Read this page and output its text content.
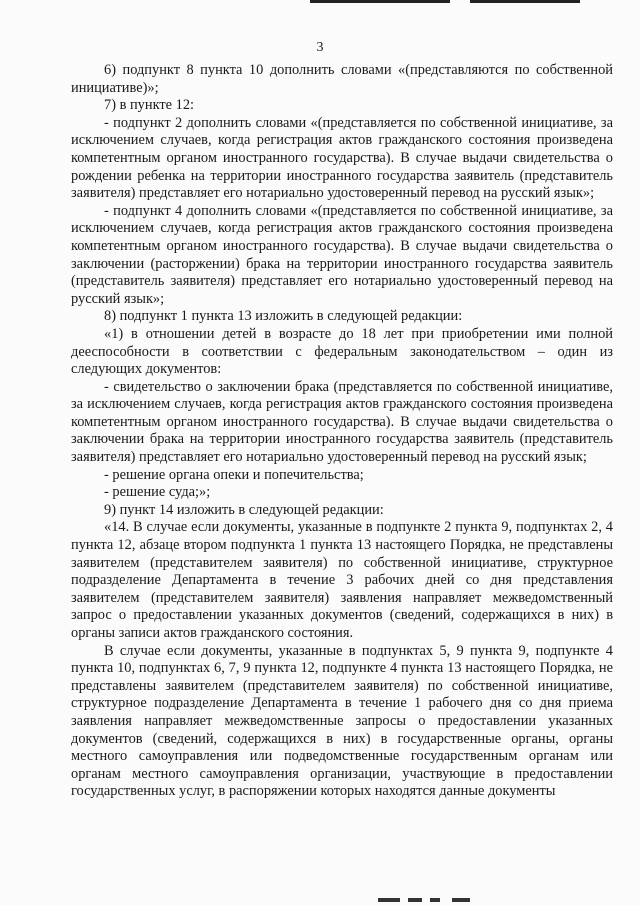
3

6) подпункт 8 пункта 10 дополнить словами «(представляются по собственной инициативе)»;

7) в пункте 12:

- подпункт 2 дополнить словами «(представляется по собственной инициативе, за исключением случаев, когда регистрация актов гражданского состояния произведена компетентным органом иностранного государства). В случае выдачи свидетельства о рождении ребенка на территории иностранного государства заявитель (представитель заявителя) представляет его нотариально удостоверенный перевод на русский язык»;

- подпункт 4 дополнить словами «(представляется по собственной инициативе, за исключением случаев, когда регистрация актов гражданского состояния произведена компетентным органом иностранного государства). В случае выдачи свидетельства о заключении (расторжении) брака на территории иностранного государства заявитель (представитель заявителя) представляет его нотариально удостоверенный перевод на русский язык»;

8) подпункт 1 пункта 13 изложить в следующей редакции:

«1) в отношении детей в возрасте до 18 лет при приобретении ими полной дееспособности в соответствии с федеральным законодательством – один из следующих документов:

- свидетельство о заключении брака (представляется по собственной инициативе, за исключением случаев, когда регистрация актов гражданского состояния произведена компетентным органом иностранного государства). В случае выдачи свидетельства о заключении брака на территории иностранного государства заявитель (представитель заявителя) представляет его нотариально удостоверенный перевод на русский язык;

- решение органа опеки и попечительства;

- решение суда;»;

9) пункт 14 изложить в следующей редакции:

«14. В случае если документы, указанные в подпункте 2 пункта 9, подпунктах 2, 4 пункта 12, абзаце втором подпункта 1 пункта 13 настоящего Порядка, не представлены заявителем (представителем заявителя) по собственной инициативе, структурное подразделение Департамента в течение 3 рабочих дней со дня представления заявителем (представителем заявителя) заявления направляет межведомственный запрос о предоставлении указанных документов (сведений, содержащихся в них) в органы записи актов гражданского состояния.

В случае если документы, указанные в подпунктах 5, 9 пункта 9, подпункте 4 пункта 10, подпунктах 6, 7, 9 пункта 12, подпункте 4 пункта 13 настоящего Порядка, не представлены заявителем (представителем заявителя) по собственной инициативе, структурное подразделение Департамента в течение 1 рабочего дня со дня приема заявления направляет межведомственные запросы о предоставлении указанных документов (сведений, содержащихся в них) в государственные органы, органы местного самоуправления или подведомственные государственным органам или органам местного самоуправления организации, участвующие в предоставлении государственных услуг, в распоряжении которых находятся данные документы
